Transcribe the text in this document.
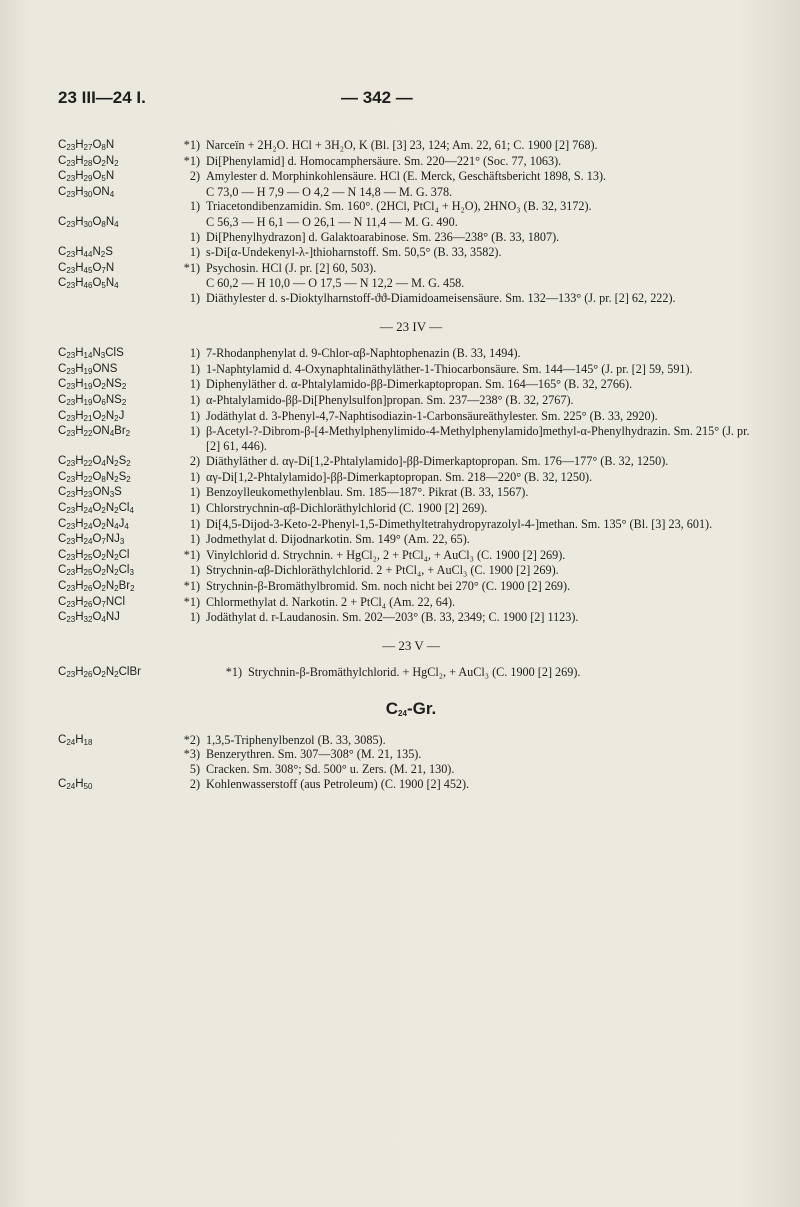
23 III—24 I.	— 342 —
$C_{23}H_{27}O_8N$	*1) Narceïn + 2H₂O. HCl + 3H₂O, K (Bl. [3] 23, 124; Am. 22, 61; C. 1900 [2] 768).
$C_{23}H_{28}O_2N_2$	*1) Di[Phenylamid] d. Homocamphersäure. Sm. 220—221° (Soc. 77, 1063).
$C_{23}H_{29}O_5N$	2) Amylester d. Morphinkohlensäure. HCl (E. Merck, Geschäftsbericht 1898, S. 13).
$C_{23}H_{30}ON_4$	C 73,0 — H 7,9 — O 4,2 — N 14,8 — M. G. 378.
1) Triacetondibenzamidin. Sm. 160°. (2HCl, PtCl₄ + H₂O), 2HNO₃ (B. 32, 3172).
$C_{23}H_{30}O_8N_4$	C 56,3 — H 6,1 — O 26,1 — N 11,4 — M. G. 490.
1) Di[Phenylhydrazon] d. Galaktoarabinose. Sm. 236—238° (B. 33, 1807).
$C_{23}H_{44}N_2S$	1) s-Di[α-Undekenyl-λ-]thioharnstoff. Sm. 50,5° (B. 33, 3582).
$C_{23}H_{45}O_7N$	*1) Psychosin. HCl (J. pr. [2] 60, 503).
$C_{23}H_{46}O_5N_4$	C 60,2 — H 10,0 — O 17,5 — N 12,2 — M. G. 458.
1) Diäthylester d. s-Dioktylharnstoff-ϑϑ-Diamidoameisensäure. Sm. 132—133° (J. pr. [2] 62, 222).
— 23 IV —
$C_{23}H_{14}N_3ClS$	1) 7-Rhodanphenylat d. 9-Chlor-αβ-Naphtophenazin (B. 33, 1494).
$C_{23}H_{19}ONS$	1) 1-Naphtylamid d. 4-Oxynaphtalinäthyläther-1-Thiocarbonsäure. Sm. 144—145° (J. pr. [2] 59, 591).
$C_{23}H_{19}O_2NS_2$	1) Diphenyläther d. α-Phtalylamido-ββ-Dimerkaptopropan. Sm. 164—165° (B. 32, 2766).
$C_{23}H_{19}O_6NS_2$	1) α-Phtalylamido-ββ-Di[Phenylsulfon]propan. Sm. 237—238° (B. 32, 2767).
$C_{23}H_{21}O_2N_2J$	1) Jodäthylat d. 3-Phenyl-4,7-Naphtisodiazin-1-Carbonsäureäthylester. Sm. 225° (B. 33, 2920).
$C_{23}H_{22}ON_4Br_2$	1) β-Acetyl-?-Dibrom-β-[4-Methylphenylimido-4-Methylphenylamido]methyl-α-Phenylhydrazin. Sm. 215° (J. pr. [2] 61, 446).
$C_{23}H_{22}O_4N_2S_2$	2) Diäthyläther d. αγ-Di[1,2-Phtalylamido]-ββ-Dimerkaptopropan. Sm. 176—177° (B. 32, 1250).
$C_{23}H_{22}O_8N_2S_2$	1) αγ-Di[1,2-Phtalylamido]-ββ-Dimerkaptopropan. Sm. 218—220° (B. 32, 1250).
$C_{23}H_{23}ON_3S$	1) Benzoylleukomethylenblau. Sm. 185—187°. Pikrat (B. 33, 1567).
$C_{23}H_{24}O_2N_2Cl_4$	1) Chlorstrychnin-αβ-Dichloräthylchlorid (C. 1900 [2] 269).
$C_{23}H_{24}O_2N_4J_4$	1) Di[4,5-Dijod-3-Keto-2-Phenyl-1,5-Dimethyltetrahydropyrazolyl-4-]methan. Sm. 135° (Bl. [3] 23, 601).
$C_{23}H_{24}O_7NJ_3$	1) Jodmethylat d. Dijodnarkotin. Sm. 149° (Am. 22, 65).
$C_{23}H_{25}O_2N_2Cl$	*1) Vinylchlorid d. Strychnin. + HgCl₂, 2 + PtCl₄, + AuCl₃ (C. 1900 [2] 269).
$C_{23}H_{25}O_2N_2Cl_3$	1) Strychnin-αβ-Dichloräthylchlorid. 2 + PtCl₄, + AuCl₃ (C. 1900 [2] 269).
$C_{23}H_{26}O_2N_2Br_2$	*1) Strychnin-β-Bromäthylbromid. Sm. noch nicht bei 270° (C. 1900 [2] 269).
$C_{23}H_{26}O_7NCl$	*1) Chlormethylat d. Narkotin. 2 + PtCl₄ (Am. 22, 64).
$C_{23}H_{32}O_4NJ$	1) Jodäthylat d. r-Laudanosin. Sm. 202—203° (B. 33, 2349; C. 1900 [2] 1123).
— 23 V —
$C_{23}H_{26}O_2N_2ClBr$	*1) Strychnin-β-Bromäthylchlorid. + HgCl₂, + AuCl₃ (C. 1900 [2] 269).
$C_{24}-Gr$.
$C_{24}H_{18}$	*2) 1,3,5-Triphenylbenzol (B. 33, 3085).
*3) Benzerythren. Sm. 307—308° (M. 21, 135).
5) Cracken. Sm. 308°; Sd. 500° u. Zers. (M. 21, 130).
$C_{24}H_{50}$	2) Kohlenwasserstoff (aus Petroleum) (C. 1900 [2] 452).
